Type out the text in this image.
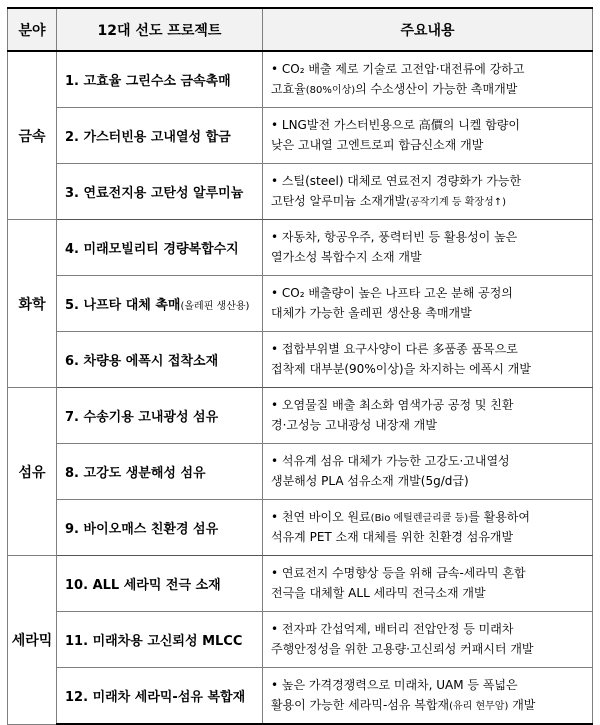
분야	12대 선도 프로젝트	주요내용
금속	1. 고효율 그린수소 금속촉매	• CO₂ 배출 제로 기술로 고전압·대전류에 강하고
고효율(80%이상)의 수소생산이 가능한 촉매개발

	2. 가스터빈용 고내열성 합금	• LNG발전 가스터빈용으로 高價의 니켈 함량이
낮은 고내열 고엔트로피 합금신소재 개발

	3. 연료전지용 고탄성 알루미늄	• 스틸(steel) 대체로 연료전지 경량화가 가능한
고탄성 알루미늄 소재개발(공작기계 등 확장성↑)

화학	4. 미래모빌리티 경량복합수지	• 자동차, 항공우주, 풍력터빈 등 활용성이 높은
열가소성 복합수지 소재 개발

	5. 나프타 대체 촉매(올레핀 생산용)	• CO₂ 배출량이 높은 나프타 고온 분해 공정의
대체가 가능한 올레핀 생산용 촉매개발

	6. 차량용 에폭시 접착소재	• 접합부위별 요구사양이 다른 多품종 품목으로
접착제 대부분(90%이상)을 차지하는 에폭시 개발

섬유	7. 수송기용 고내광성 섬유	• 오염물질 배출 최소화 염색가공 공정 및 친환
경·고성능 고내광성 내장재 개발

	8. 고강도 생분해성 섬유	• 석유계 섬유 대체가 가능한 고강도·고내열성
생분해성 PLA 섬유소재 개발(5g/d급)

	9. 바이오매스 친환경 섬유	• 천연 바이오 원료(Bio 에틸렌글리콜 등)를 활용하여
석유계 PET 소재 대체를 위한 친환경 섬유개발

세라믹	10. ALL 세라믹 전극 소재	• 연료전지 수명향상 등을 위해 금속-세라믹 혼합
전극을 대체할 ALL 세라믹 전극소재 개발

	11. 미래차용 고신뢰성 MLCC	• 전자파 간섭억제, 배터리 전압안정 등 미래차
주행안정성을 위한 고용량·고신뢰성 커패시터 개발

	12. 미래차 세라믹-섬유 복합재	• 높은 가격경쟁력으로 미래차, UAM 등 폭넓은
활용이 가능한 세라믹-섬유 복합재(유리 현무암) 개발
